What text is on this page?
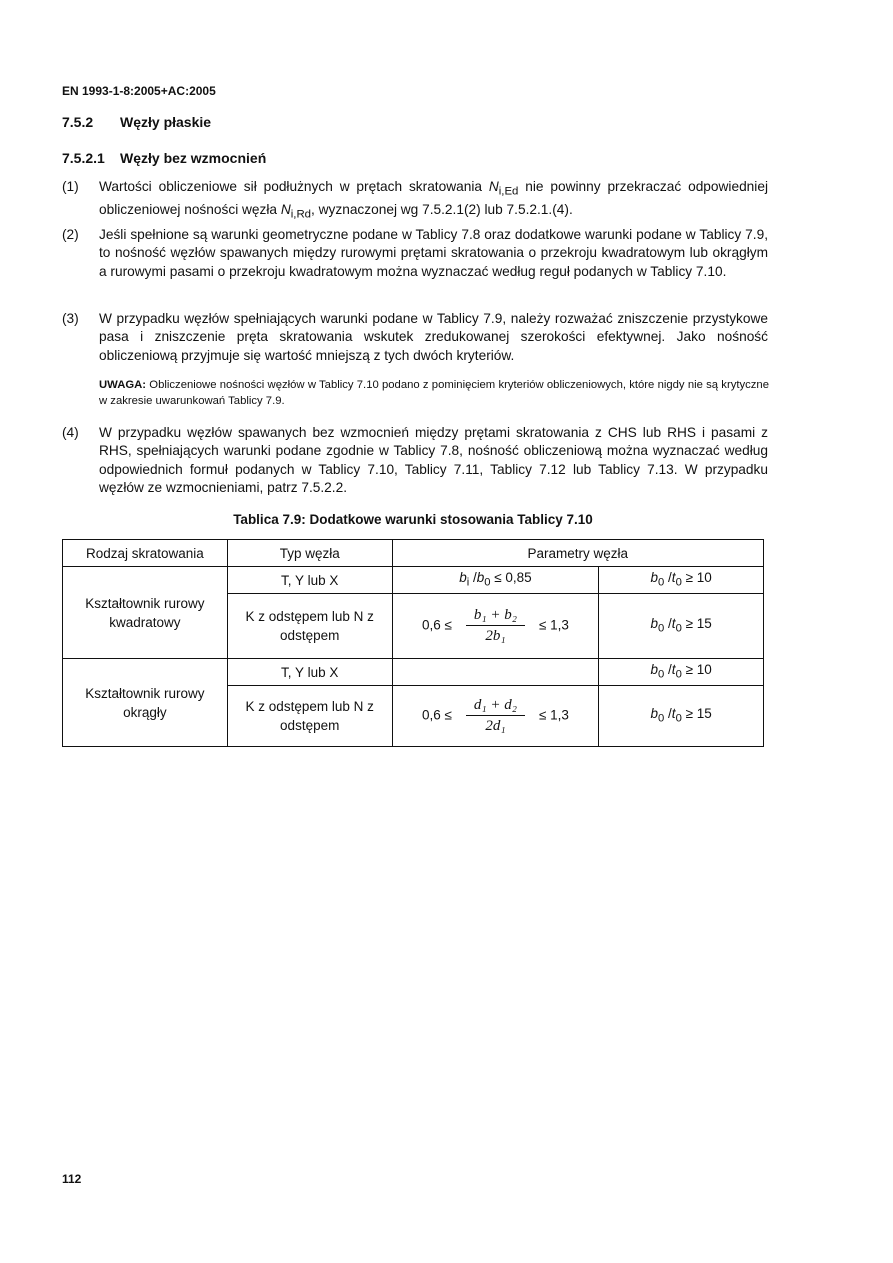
EN 1993-1-8:2005+AC:2005
7.5.2 Węzły płaskie
7.5.2.1 Węzły bez wzmocnień
(1) Wartości obliczeniowe sił podłużnych w prętach skratowania $N_{i,Ed}$ nie powinny przekraczać odpowiedniej obliczeniowej nośności węzła $N_{i,Rd}$, wyznaczonej wg 7.5.2.1(2) lub 7.5.2.1.(4).
(2) Jeśli spełnione są warunki geometryczne podane w Tablicy 7.8 oraz dodatkowe warunki podane w Tablicy 7.9, to nośność węzłów spawanych między rurowymi prętami skratowania o przekroju kwadratowym lub okrągłym a rurowymi pasami o przekroju kwadratowym można wyznaczać według reguł podanych w Tablicy 7.10.
(3) W przypadku węzłów spełniających warunki podane w Tablicy 7.9, należy rozważać zniszczenie przystykowe pasa i zniszczenie pręta skratowania wskutek zredukowanej szerokości efektywnej. Jako nośność obliczeniową przyjmuje się wartość mniejszą z tych dwóch kryteriów.
UWAGA: Obliczeniowe nośności węzłów w Tablicy 7.10 podano z pominięciem kryteriów obliczeniowych, które nigdy nie są krytyczne w zakresie uwarunkowań Tablicy 7.9.
(4) W przypadku węzłów spawanych bez wzmocnień między prętami skratowania z CHS lub RHS i pasami z RHS, spełniających warunki podane zgodnie w Tablicy 7.8, nośność obliczeniową można wyznaczać według odpowiednich formuł podanych w Tablicy 7.10, Tablicy 7.11, Tablicy 7.12 lub Tablicy 7.13. W przypadku węzłów ze wzmocnieniami, patrz 7.5.2.2.
Tablica 7.9: Dodatkowe warunki stosowania Tablicy 7.10
Rodzaj skratowania	Typ węzła	Parametry węzła	
Kształtownik rurowy kwadratowy	T, Y lub X	$b_i$ $/b_0 \le 0,85$	$b_0$ $/t_0 \ge 10$
	K z odstępem lub N z odstępem	$0,6 \le \frac{\text{b₁ + b₂}}{\text{2b₁}} \le 1,3$	$b_0$ $/t_0 \ge 15$
Kształtownik rurowy okrągły	T, Y lub X		$b_0$ $/t_0 \ge 10$
	K z odstępem lub N z odstępem	$0,6 \le \frac{\text{d₁ + d₂}}{\text{2d₁}} \le 1,3$	$b_0$ $/t_0 \ge 15$
112
